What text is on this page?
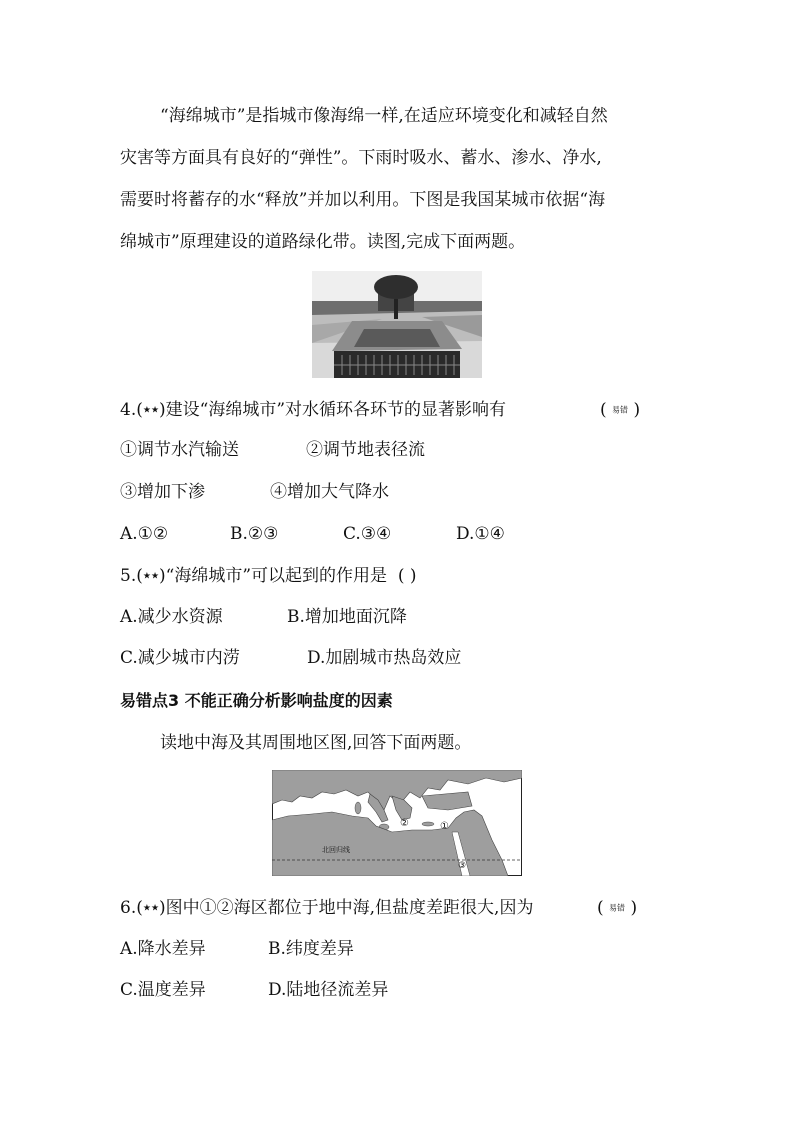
“海绵城市”是指城市像海绵一样,在适应环境变化和减轻自然
灾害等方面具有良好的“弹性”。下雨时吸水、蓄水、渗水、净水,
需要时将蓄存的水“释放”并加以利用。下图是我国某城市依据“海
绵城市”原理建设的道路绿化带。读图,完成下面两题。
4.(★★)建设“海绵城市”对水循环各环节的显著影响有	( 易错 )
①调节水汽输送	②调节地表径流
③增加下渗	④增加大气降水
A.①②	B.②③	C.③④	D.①④
5.(★★)“海绵城市”可以起到的作用是 ( )
A.减少水资源	B.增加地面沉降
C.减少城市内涝	D.加剧城市热岛效应
易错点3 不能正确分析影响盐度的因素
读地中海及其周围地区图,回答下面两题。
北回归线
②	①
③
6.(★★)图中①②海区都位于地中海,但盐度差距很大,因为	( 易错 )
A.降水差异	B.纬度差异
C.温度差异	D.陆地径流差异
